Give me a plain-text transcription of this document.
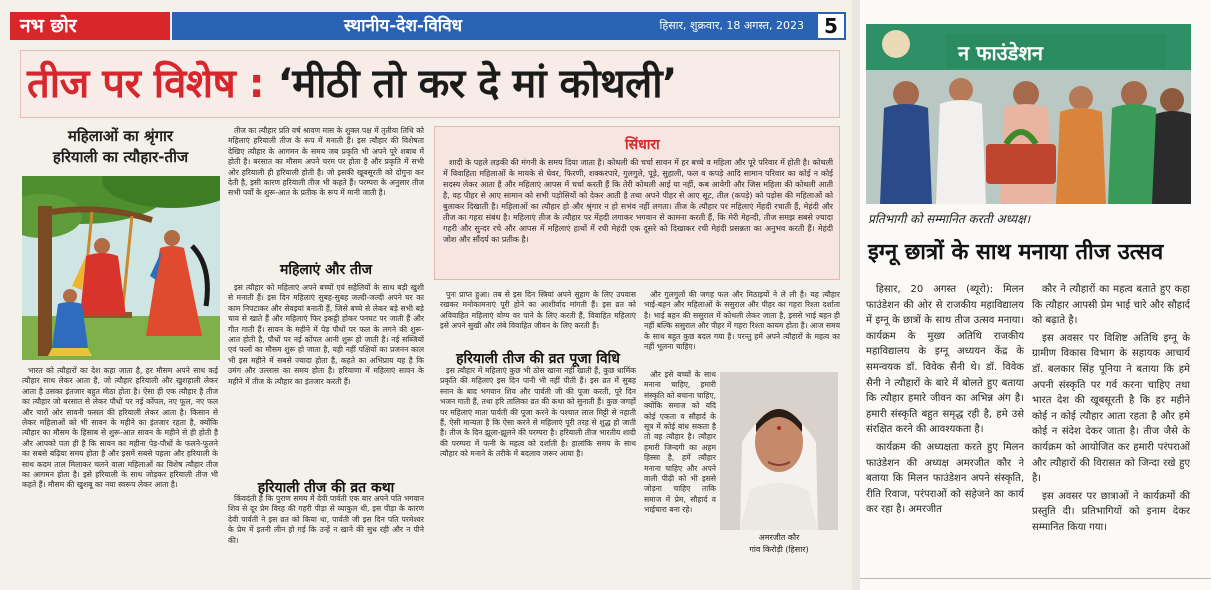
नभ छोर	स्थानीय-देश-विविध	हिसार, शुक्रवार, 18 अगस्त, 2023	5
तीज पर विशेष : ‘मीठी तो कर दे मां कोथली’
महिलाओं का श्रृंगार
हरियाली का त्यौहार-तीज

भारत को त्यौहारों का देश कहा जाता है, हर मौसम अपने साथ कई त्यौहार साथ लेकर आता है, जो त्यौहार हरियाली और खुशहाली लेकर आता है उसका इंतजार बहुत मीठा होता है। ऐसा ही एक त्यौहार है तीज का त्यौहार जो बरसात से लेकर पौधों पर नई कोंपल, नए फूल, नए फल और चारों ओर सावनी फसल की हरियाली लेकर आता है। किसान से लेकर महिलाओं को भी सावन के महीने का इंतजार रहता है, क्योंकि त्यौहार का मौसम के हिसाब से शुरू-आत सावन के महीने से ही होती है और आपको पता ही है कि सावन का महीना पेड़-पौधों के फलने-फूलने का सबसे बढ़िया समय होता है और इसमें सबसे पहला और हरियाली के साथ कदम ताल मिलाकर चलने वाला महिलाओं का विशेष त्यौहार तीज का आगमन होता है। इसे हरियाली के साथ जोड़कर हरियाली तीज भी कहते हैं। मौसम की खुशबू का नया स्वरूप लेकर आता है।

तीज का त्यौहार प्रति वर्ष श्रावण मास के शुक्ल पक्ष में तृतीया तिथि को महिलाएं हरियाली तीज के रूप में मनाती हैं। इस त्यौहार की विशेषता देखिए त्यौहार के आगमन के समय जब प्रकृति भी अपने पूरे शबाब में होती है। बरसात का मौसम अपने चरम पर होता है और प्रकृति में सभी ओर हरियाली ही हरियाली होती है। जो इसकी खूबसूरती को दोगुना कर देती है, इसी कारण हरियाली तीज भी कहते हैं। परम्परा के अनुसार तीज सभी पर्वों के शुरू-आत के प्रतीक के रूप में मानी जाती है।

महिलाएं और तीज

इस त्यौहार को महिलाएं अपने बच्चों एवं सहेलियों के साथ बड़ी खुशी से मनाती हैं। इस दिन महिलाएं सुबह-सुबह जल्दी-जल्दी अपने घर का काम निपटाकर और सेवइयां बनाती हैं, जिसे बच्चे से लेकर बड़े सभी बड़े चाव से खाते हैं और महिलाएं फिर इकट्ठी होकर पनघट पर जाती हैं और गीत गाती हैं। सावन के महीने में पेड़ पौधों पर फल के लगने की शुरू-आत होती है, पौधों पर नई कोंपल आनी शुरू हो जाती है। नई सब्जियों एवं फलों का मौसम शुरू हो जाता है, यही नहीं पक्षियों का प्रजनन काल भी इस महीने में सबसे ज्यादा होता है, कहते का अभिप्राय यह है कि उमंग और उल्लास का समय होता है। हरियाणा में महिलाएं सावन के महीने में तीज के त्यौहार का इंतजार करती हैं।

हरियाली तीज की व्रत कथा

किंवदंती है कि पुराण समय में देवी पार्वती एक बार अपने पति भगवान शिव से दूर प्रेम विरह की गहरी पीड़ा से व्याकुल थी, इस पीड़ा के कारण देवी पार्वती ने इस व्रत को किया था, पार्वती जी इस दिन पति परमेश्वर के प्रेम में इतनी लीन हो गई कि उन्हें न खाने की सुध रही और न पीने की।

सिंधारा

शादी के पहले लड़की की मंगनी के समय दिया जाता है। कोथली की चर्चा सावन में हर बच्चे व महिला और पूरे परिवार में होती है। कोथली में विवाहिता महिलाओं के मायके से घेवर, फिरणी, शक्करपारे, गुलगुले, पूड़े, सुहाली, फल व कपड़े आदि सामान परिवार का कोई न कोई सदस्य लेकर आता है और महिलाएं आपस में चर्चा करती हैं कि तेरी कोथली आई या नहीं, कब आवेगी और जिस महिला की कोथली आती है, वह पीहर से आए सामान को सभी पड़ोसियों को देकर आती है तथा अपने पीहर से आए सूट, तील (कपड़े) को पड़ोस की महिलाओं को बुलाकर दिखाती है। महिलाओं का त्यौहार हो और श्रृंगार न हो सभंव नहीं लगता। तीज के त्यौहार पर महिलाएं मेंहदी रचाती हैं, मेहंदी और तीज का गहरा संबंध है। महिलाएं तीज के त्यौहार पर मेंहदी लगाकर भगवान से कामना करती हैं, कि मेरी मेहन्दी, तीज समझ सबसे ज्यादा गहरी और सुन्दर रचे और आपस में महिलाएं हाथों में रची मेहंदी एक दूसरे को दिखाकर रची मेहंदी प्रसन्नता का अनुभव करती हैं। मेहंदी जोश और सौंदर्य का प्रतीक है।

पुनः प्राप्त हुआ। तब से इस दिन स्त्रियां अपने सुहाग के लिए उपवास रखकर मनोकामनाएं पूरी होने का आशीर्वाद मांगती हैं। इस व्रत को अविवाहित महिलाएं योग्य वर पाने के लिए करती हैं, विवाहित महिलाएं इसे अपने सुखी और लंबे विवाहित जीवन के लिए करती हैं।

हरियाली तीज की व्रत पूजा विधि

इस त्यौहार में महिलाएं कुछ भी ठोस खाना नहीं खाती हैं, कुछ धार्मिक प्रकृति की महिलाएं इस दिन पानी भी नहीं पीती हैं। इस व्रत में सुबह स्नान के बाद भगवान शिव और पार्वती जी की पूजा करती, पूरे दिन भजन गाती हैं, तथा हरि तालिका व्रत की कथा को सुनाती हैं। कुछ जगहों पर महिलाएं माता पार्वती की पूजा करने के पश्चात लाल मिट्टी से नहाती हैं, ऐसी मान्यता है कि ऐसा करने से महिलाएं पूरी तरह से शुद्ध हो जाती हैं। तीज के दिन झूला-झूलने की परम्परा है। हरियाली तीज भारतीय शादी की परम्परा में पत्नी के महत्व को दर्शाती है। हालांकि समय के साथ त्यौहार को मनाने के तरीके में बदलाव जरूर आया है।

और गुलगुलों की जगह फल और मिठाइयों ने ले ली है। यह त्यौहार भाई-बहन और महिलाओं के ससुराल और पीहर का गहरा रिश्ता दर्शाता है। भाई बहन की ससुराल में कोथली लेकर जाता है, इससे भाई बहन ही नहीं बल्कि ससुराल और पीहर में गहरा रिश्ता कायम होता है। आज समय के साथ बहुत कुछ बदल गया है। परन्तु हमें अपने त्यौहारों के महत्व का नहीं भूलना चाहिए।

और इसे बच्चों के साथ मनाना चाहिए, हमारी संस्कृति को बचाना चाहिए, क्योंकि समाज को यदि कोई एकता व सौहार्द के सूत्र में कोई बांध सकता है तो वह त्यौहार है। त्यौहार हमारी जिन्दगी का अहम हिस्सा है, हमें त्यौहार मनाना चाहिए और अपने वाली पीढ़ी को भी इससे जोड़ना चाहिए ताकि समाज में प्रेम, सौहार्द व भाईचारा बना रहे।

अमरजीत कौर
गांव किरोड़ी (हिसार)
न फाउंडेशन
प्रतिभागी को सम्मानित करती अध्यक्ष।
इग्नू छात्रों के साथ मनाया तीज उत्सव

हिसार, 20 अगस्त (ब्यूरो): मिलन फाउंडेशन की ओर से राजकीय महाविद्यालय में इग्नू के छात्रों के साथ तीज उत्सव मनाया। कार्यक्रम के मुख्य अतिथि राजकीय महाविद्यालय के इग्नू अध्ययन केंद्र के समन्वयक डॉ. विवेक सैनी थे। डॉ. विवेक सैनी ने त्यौहारों के बारे में बोलते हुए बताया कि त्यौहार हमारे जीवन का अभिन्न अंग है। हमारी संस्कृति बहुत समृद्ध रही है, हमे उसे संरक्षित करने की आवश्यकता है।

कार्यक्रम की अध्यक्षता करते हुए मिलन फाउंडेशन की अध्यक्ष अमरजीत कौर ने बताया कि मिलन फाउंडेशन अपने संस्कृति, रीति रिवाज, परंपराओं को सहेजने का कार्य कर रहा है। अमरजीत

कौर ने त्यौहारों का महत्व बताते हुए कहा कि त्यौहार आपसी प्रेम भाई चारे और सौहार्द को बढ़ाते है।

इस अवसर पर विशिष्ट अतिथि इग्नू के ग्रामीण विकास विभाग के सहायक आचार्य डॉ. बलकार सिंह पूनिया ने बताया कि हमे अपनी संस्कृति पर गर्व करना चाहिए तथा भारत देश की खूबसूरती है कि हर महीने कोई न कोई त्यौहार आता रहता है और हमे कोई न संदेश देकर जाता है। तीज जैसे के कार्यक्रम को आयोजित कर हमारी परंपराओं और त्यौहारों की विरासत को जिन्दा रखे हुए है।

इस अवसर पर छात्राओं ने कार्यक्रमों की प्रस्तुति दी। प्रतिभागियों को इनाम देकर सम्मानित किया गया।
